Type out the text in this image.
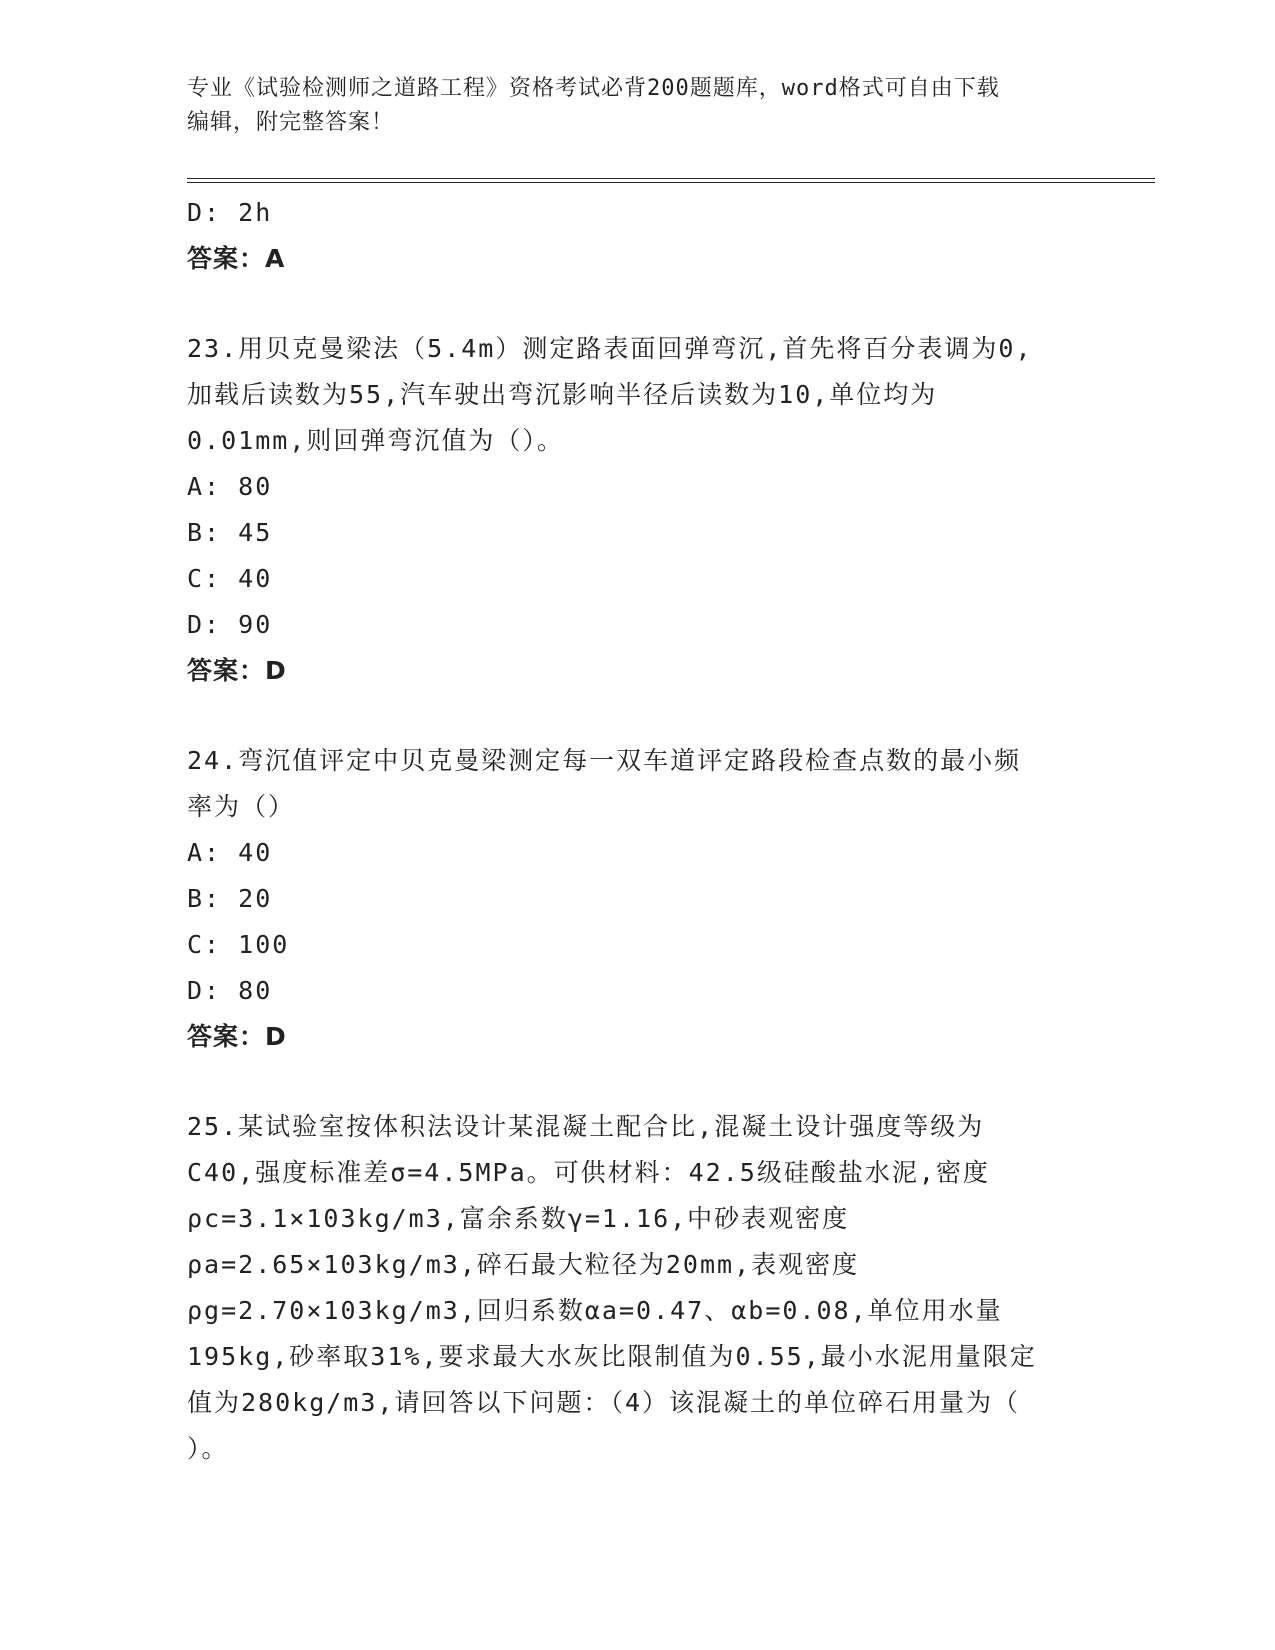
专业《试验检测师之道路工程》资格考试必背200题题库，word格式可自由下载
编辑，附完整答案！
D: 2h
答案：A
23.用贝克曼梁法（5.4m）测定路表面回弹弯沉,首先将百分表调为0,
加载后读数为55,汽车驶出弯沉影响半径后读数为10,单位均为
0.01mm,则回弹弯沉值为（）。
A: 80
B: 45
C: 40
D: 90
答案：D
24.弯沉值评定中贝克曼梁测定每一双车道评定路段检查点数的最小频
率为（）
A: 40
B: 20
C: 100
D: 80
答案：D
25.某试验室按体积法设计某混凝土配合比,混凝土设计强度等级为
C40,强度标准差σ=4.5MPa。可供材料：42.5级硅酸盐水泥,密度
ρc=3.1×103kg/m3,富余系数γ=1.16,中砂表观密度
ρa=2.65×103kg/m3,碎石最大粒径为20mm,表观密度
ρg=2.70×103kg/m3,回归系数αa=0.47、αb=0.08,单位用水量
195kg,砂率取31%,要求最大水灰比限制值为0.55,最小水泥用量限定
值为280kg/m3,请回答以下问题：（4）该混凝土的单位碎石用量为（
）。
